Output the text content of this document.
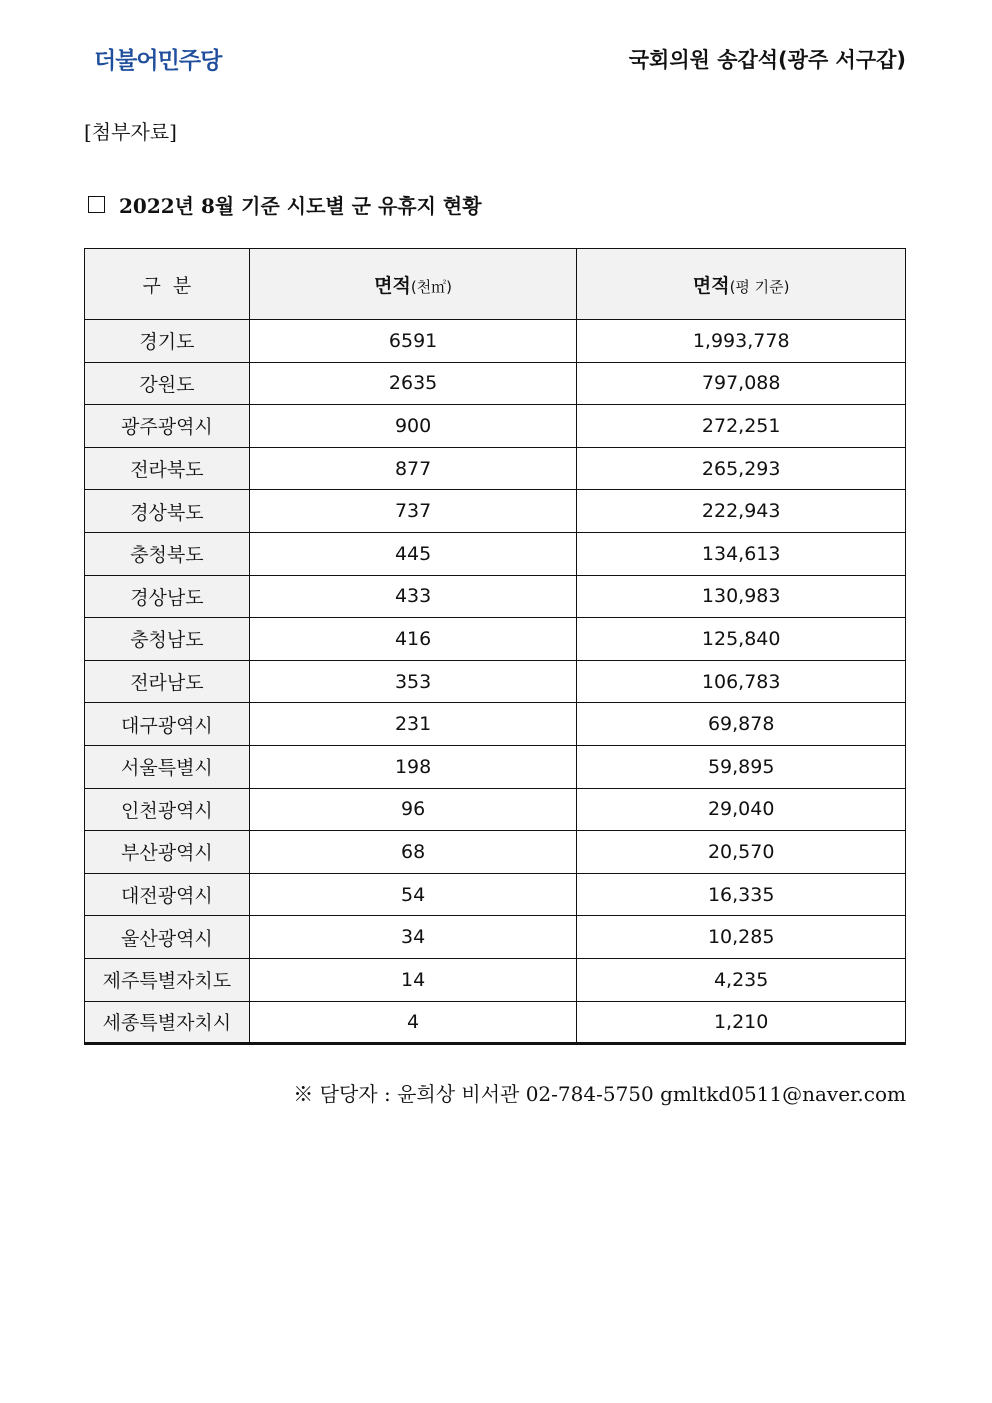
더불어민주당	국회의원 송갑석(광주 서구갑)
[첨부자료]
2022년 8월 기준 시도별 군 유휴지 현황
구  분	면적(천㎡)	면적(평 기준)
경기도	6591	1,993,778
강원도	2635	797,088
광주광역시	900	272,251
전라북도	877	265,293
경상북도	737	222,943
충청북도	445	134,613
경상남도	433	130,983
충청남도	416	125,840
전라남도	353	106,783
대구광역시	231	69,878
서울특별시	198	59,895
인천광역시	96	29,040
부산광역시	68	20,570
대전광역시	54	16,335
울산광역시	34	10,285
제주특별자치도	14	4,235
세종특별자치시	4	1,210
※ 담당자 : 윤희상 비서관 02-784-5750 gmltkd0511@naver.com
